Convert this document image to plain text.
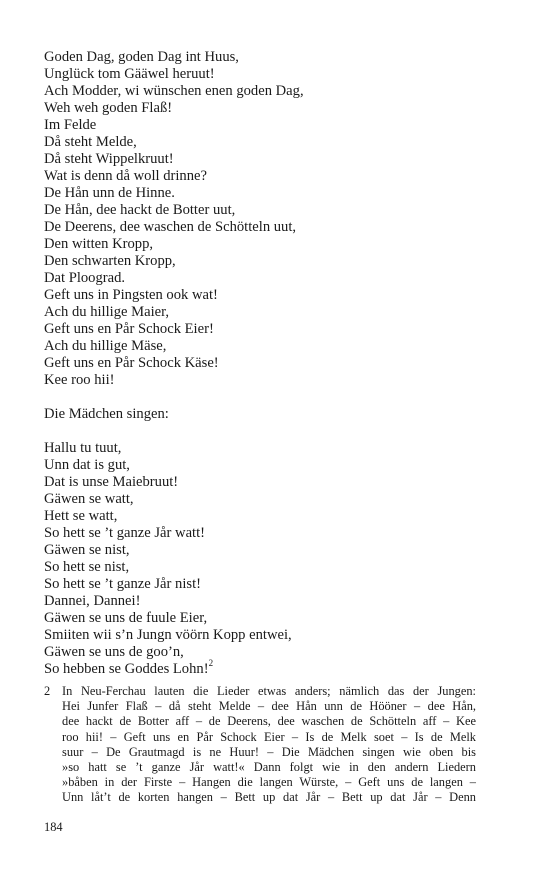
Goden Dag, goden Dag int Huus,
Unglück tom Gääwel heruut!
Ach Modder, wi wünschen enen goden Dag,
Weh weh goden Flaß!
Im Felde
Då steht Melde,
Då steht Wippelkruut!
Wat is denn då woll drinne?
De Hån unn de Hinne.
De Hån, dee hackt de Botter uut,
De Deerens, dee waschen de Schötteln uut,
Den witten Kropp,
Den schwarten Kropp,
Dat Ploograd.
Geft uns in Pingsten ook wat!
Ach du hillige Maier,
Geft uns en Pår Schock Eier!
Ach du hillige Mäse,
Geft uns en Pår Schock Käse!
Kee roo hii!
Die Mädchen singen:
Hallu tu tuut,
Unn dat is gut,
Dat is unse Maiebruut!
Gäwen se watt,
Hett se watt,
So hett se ’t ganze Jår watt!
Gäwen se nist,
So hett se nist,
So hett se ’t ganze Jår nist!
Dannei, Dannei!
Gäwen se uns de fuule Eier,
Smiiten wii s’n Jungn vöörn Kopp entwei,
Gäwen se uns de goo’n,
So hebben se Goddes Lohn!$^2$
2 In Neu-Ferchau lauten die Lieder etwas anders; nämlich das der Jungen:
Hei Junfer Flaß – då steht Melde – dee Hån unn de Hööner – dee Hån,
dee hackt de Botter aff – de Deerens, dee waschen de Schötteln aff – Kee
roo hii! – Geft uns en Pår Schock Eier – Is de Melk soet – Is de Melk
suur – De Grautmagd is ne Huur! – Die Mädchen singen wie oben bis
»so hatt se ’t ganze Jår watt!« Dann folgt wie in den andern Liedern
»båben in der Firste – Hangen die langen Würste, – Geft uns de langen –
Unn låt’t de korten hangen – Bett up dat Jår – Bett up dat Jår – Denn
184
